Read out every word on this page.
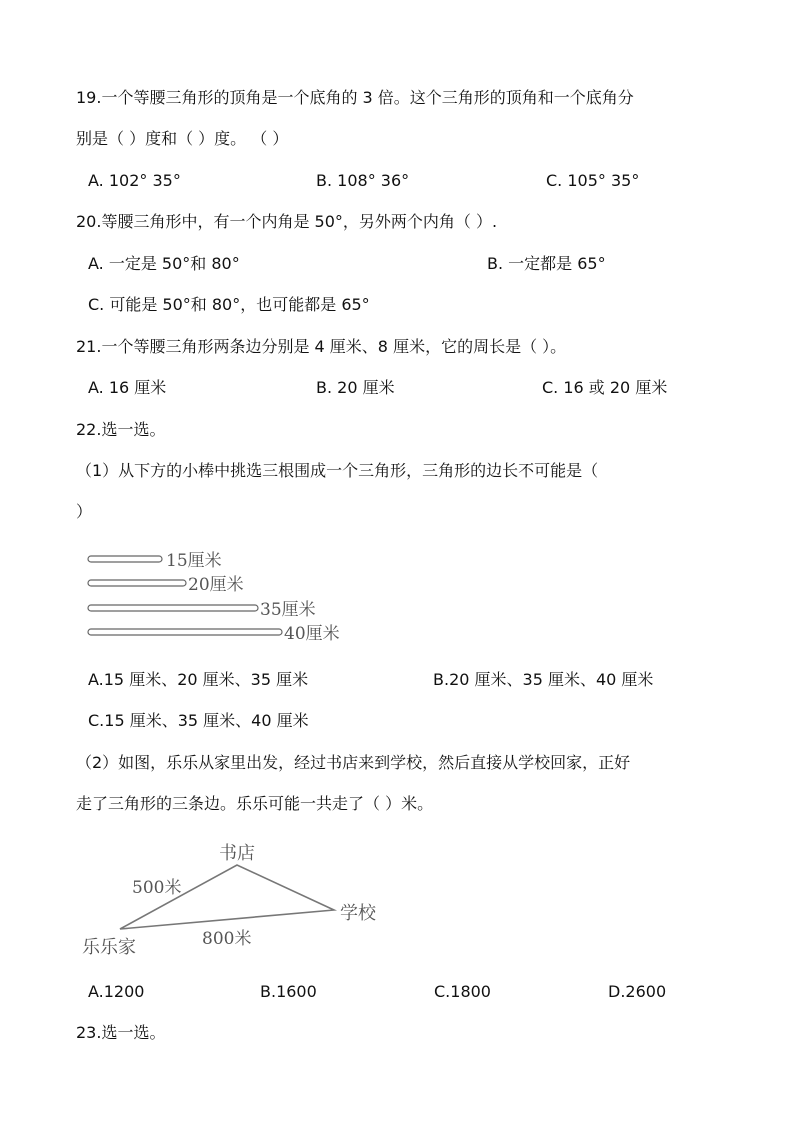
19.一个等腰三角形的顶角是一个底角的 3 倍。这个三角形的顶角和一个底角分
别是（ ）度和（ ）度。 （ ）
A. 102° 35°	B. 108° 36°	C. 105° 35°
20.等腰三角形中，有一个内角是 50°，另外两个内角（ ）.
A. 一定是 50°和 80°	B. 一定都是 65°
C. 可能是 50°和 80°，也可能都是 65°
21.一个等腰三角形两条边分别是 4 厘米、8 厘米，它的周长是（ ）。
A. 16 厘米	B. 20 厘米	C. 16 或 20 厘米
22.选一选。
（1）从下方的小棒中挑选三根围成一个三角形，三角形的边长不可能是（
）
15厘米
20厘米
35厘米
40厘米
A.15 厘米、20 厘米、35 厘米	B.20 厘米、35 厘米、40 厘米
C.15 厘米、35 厘米、40 厘米
（2）如图，乐乐从家里出发，经过书店来到学校，然后直接从学校回家，正好
走了三角形的三条边。乐乐可能一共走了（ ）米。
书店
学校
乐乐家
500米
800米
A.1200	B.1600	C.1800	D.2600
23.选一选。
